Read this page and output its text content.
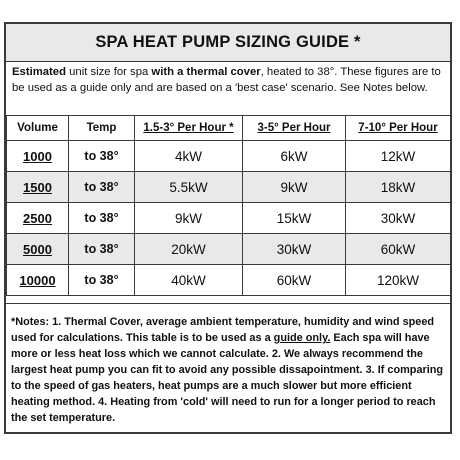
SPA HEAT PUMP SIZING GUIDE *
Estimated unit size for spa with a thermal cover, heated to 38°. These figures are to be used as a guide only and are based on a 'best case' scenario. See Notes below.
Volume	Temp	1.5-3° Per Hour *	3-5° Per Hour	7-10° Per Hour
1000	to 38°	4kW	6kW	12kW
1500	to 38°	5.5kW	9kW	18kW
2500	to 38°	9kW	15kW	30kW
5000	to 38°	20kW	30kW	60kW
10000	to 38°	40kW	60kW	120kW
*Notes: 1. Thermal Cover, average ambient temperature, humidity and wind speed used for calculations. This table is to be used as a guide only. Each spa will have more or less heat loss which we cannot calculate. 2. We always recommend the largest heat pump you can fit to avoid any possible dissapointment. 3. If comparing to the speed of gas heaters, heat pumps are a much slower but more efficient heating method. 4. Heating from 'cold' will need to run for a longer period to reach the set temperature.
